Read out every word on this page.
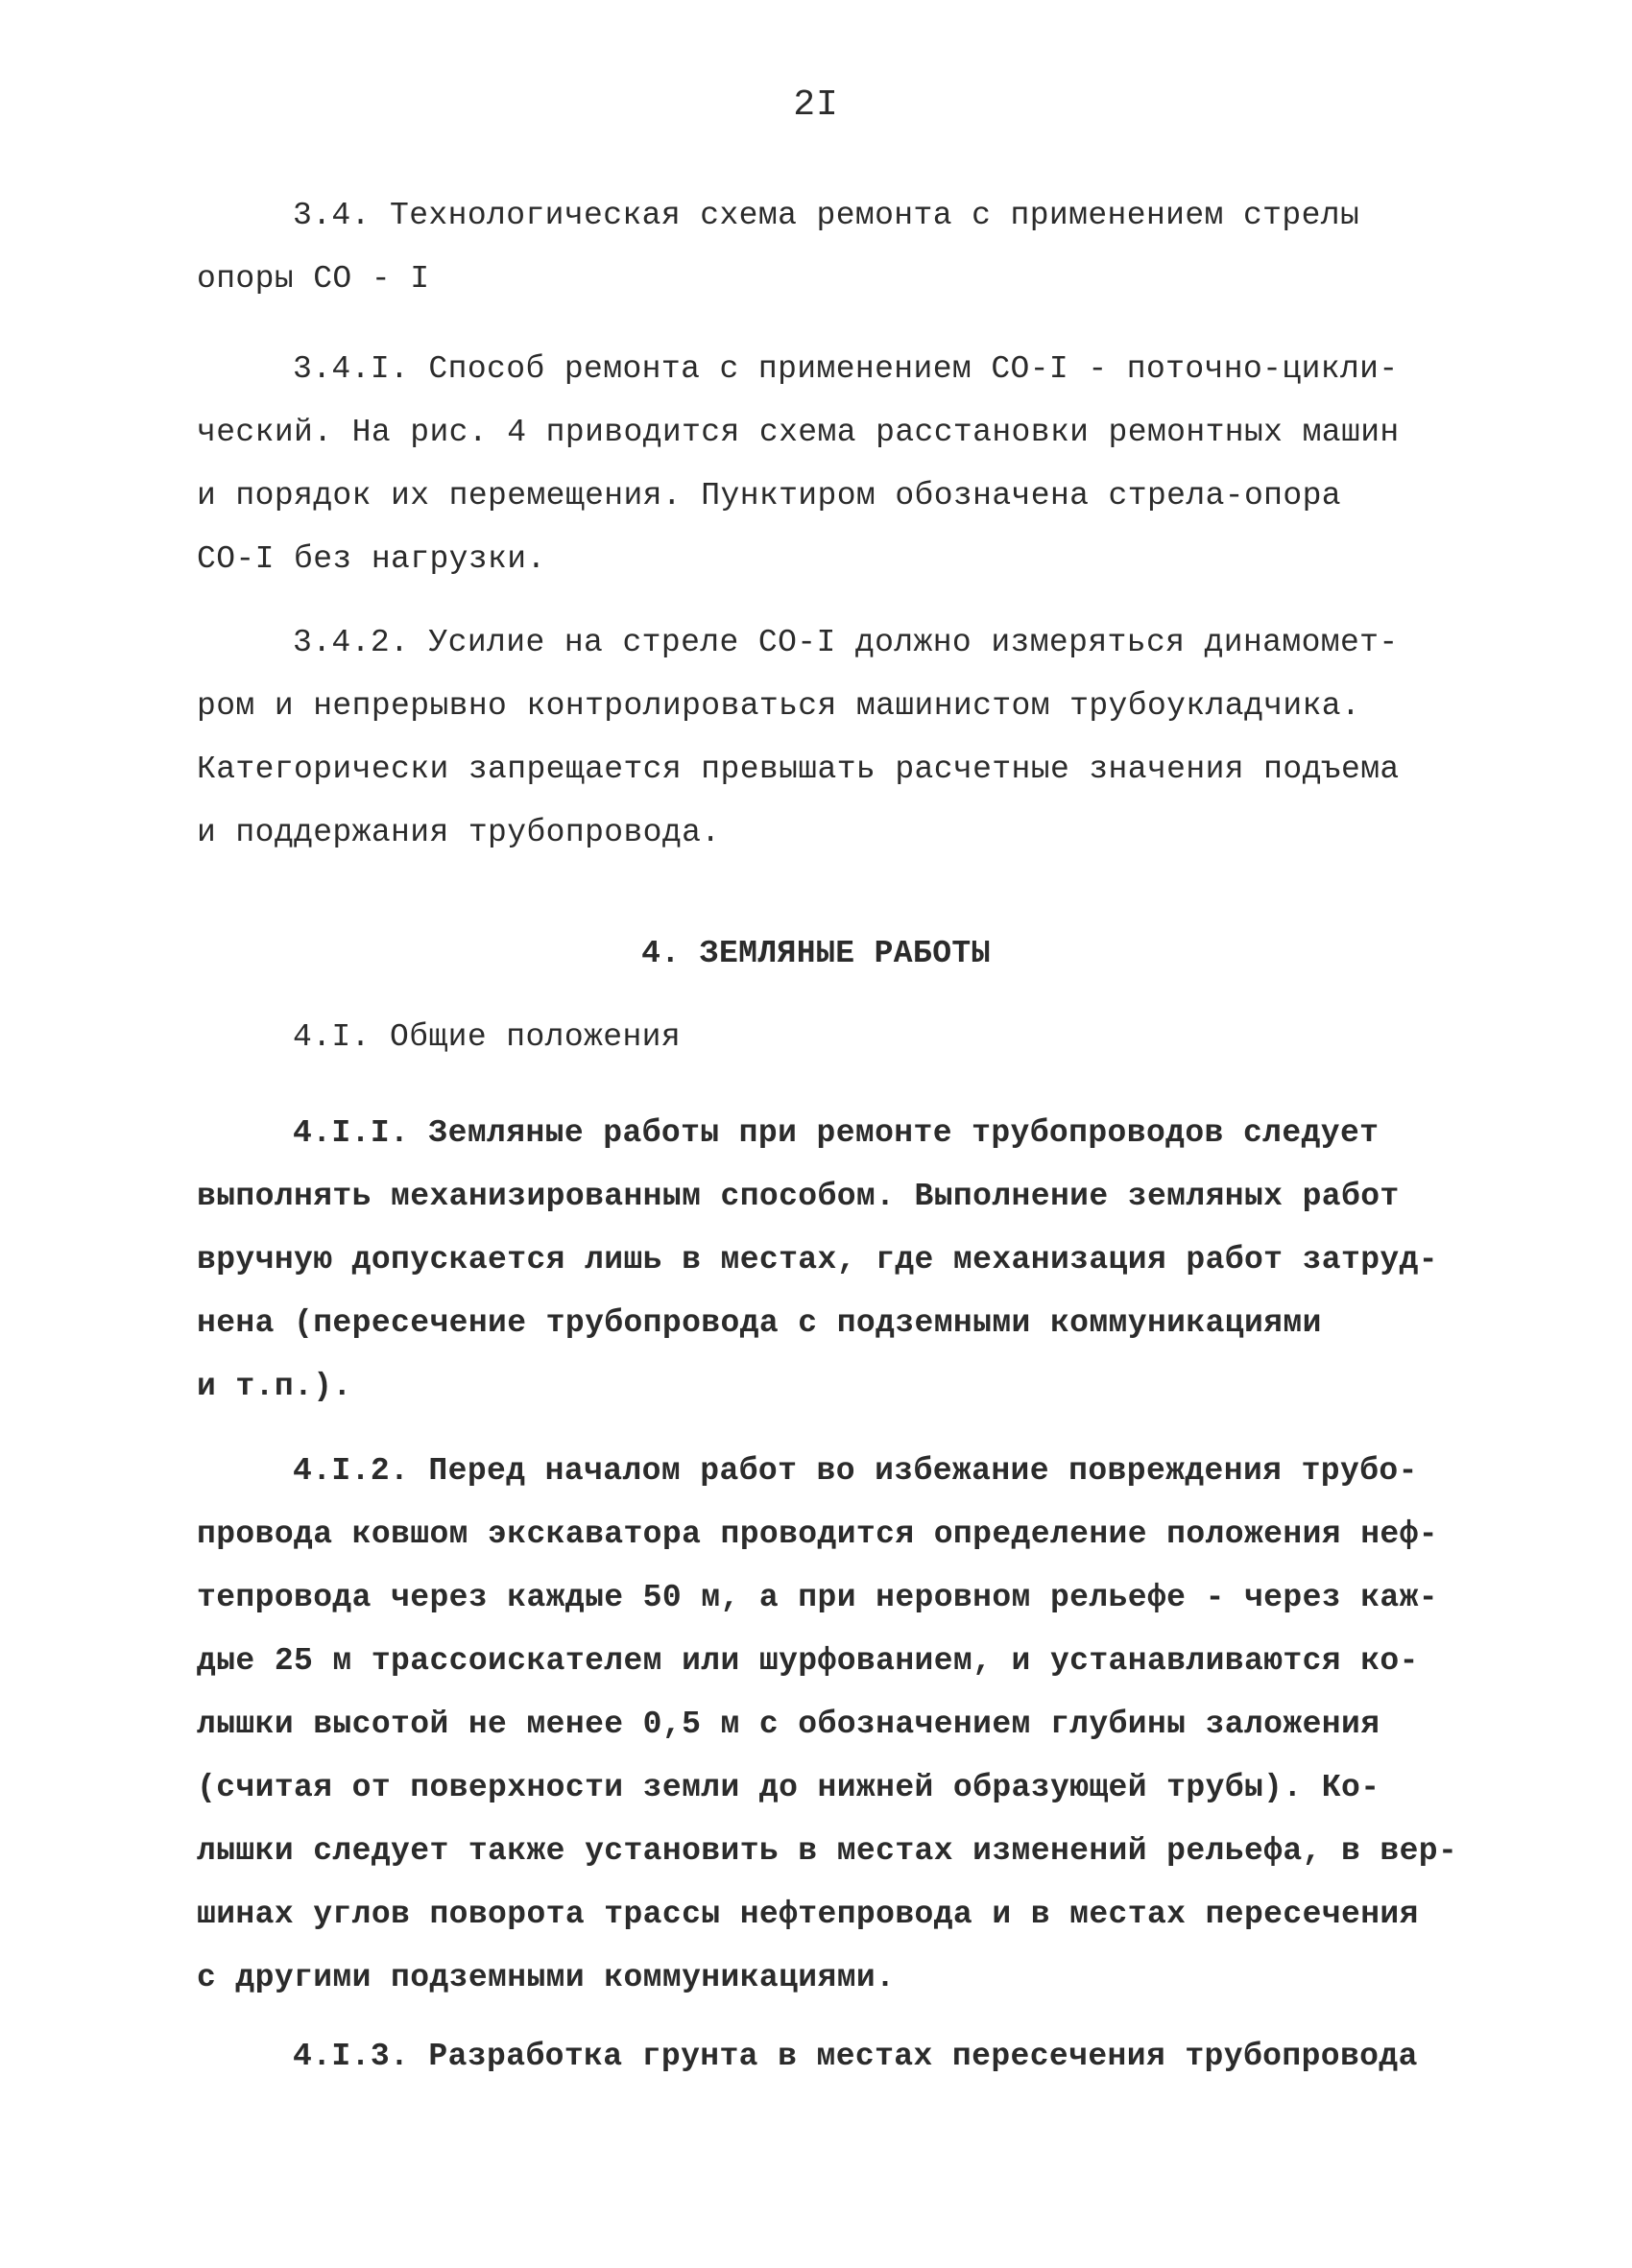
2I
3.4. Технологическая схема ремонта с применением стрелы
опоры СО - I
3.4.I. Способ ремонта с применением СО-I - поточно-цикли-
ческий. На рис. 4 приводится схема расстановки ремонтных машин
и порядок их перемещения. Пунктиром обозначена стрела-опора
СО-I без нагрузки.
3.4.2. Усилие на стреле СО-I должно измеряться динамомет-
ром и непрерывно контролироваться машинистом трубоукладчика.
Категорически запрещается превышать расчетные значения подъема
и поддержания трубопровода.
4. ЗЕМЛЯНЫЕ РАБОТЫ
4.I. Общие положения
4.I.I. Земляные работы при ремонте трубопроводов следует
выполнять механизированным способом. Выполнение земляных работ
вручную допускается лишь в местах, где механизация работ затруд-
нена (пересечение трубопровода с подземными коммуникациями
и т.п.).
4.I.2. Перед началом работ во избежание повреждения трубо-
провода ковшом экскаватора проводится определение положения неф-
тепровода через каждые 50 м, а при неровном рельефе - через каж-
дые 25 м трассоискателем или шурфованием, и устанавливаются ко-
лышки высотой не менее 0,5 м с обозначением глубины заложения
(считая от поверхности земли до нижней образующей трубы). Ко-
лышки следует также установить в местах изменений рельефа, в вер-
шинах углов поворота трассы нефтепровода и в местах пересечения
с другими подземными коммуникациями.
4.I.3. Разработка грунта в местах пересечения трубопровода
